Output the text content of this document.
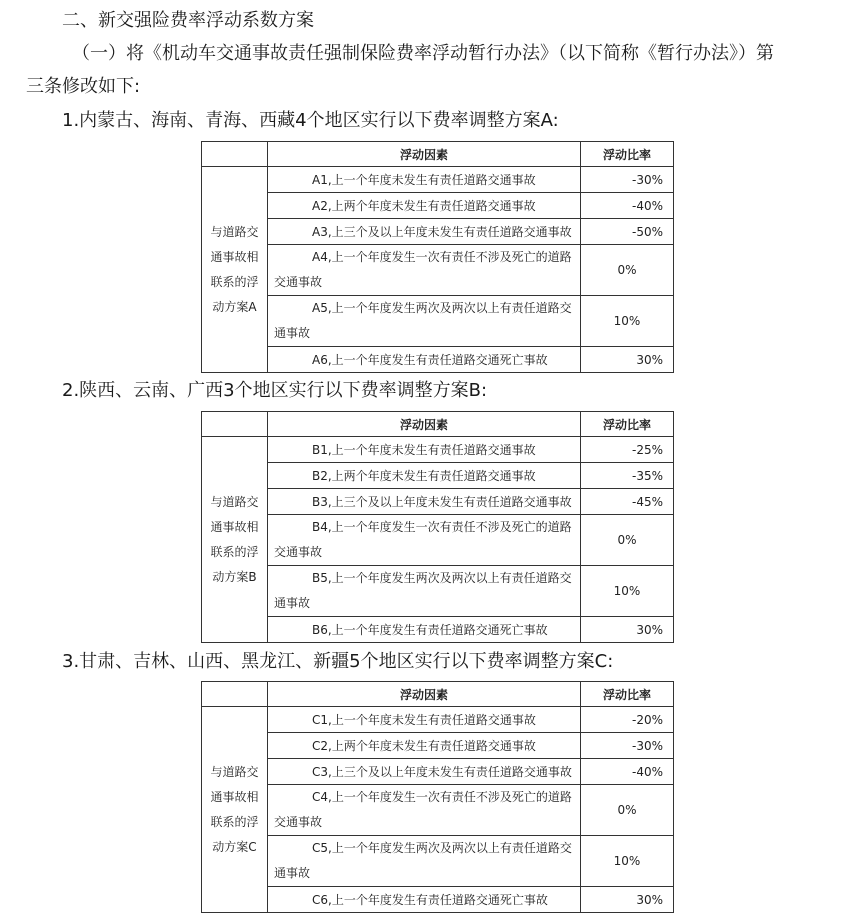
二、新交强险费率浮动系数方案
（一）将《机动车交通事故责任强制保险费率浮动暂行办法》（以下简称《暂行办法》）第
三条修改如下:
1.内蒙古、海南、青海、西藏4个地区实行以下费率调整方案A:
	浮动因素	浮动比率

与道路交
通事故相
联系的浮
动方案A	A1,上一个年度未发生有责任道路交通事故	-30%

	A2,上两个年度未发生有责任道路交通事故	-40%

	A3,上三个及以上年度未发生有责任道路交通事故	-50%

	A4,上一个年度发生一次有责任不涉及死亡的道路交通事故	0%

	A5,上一个年度发生两次及两次以上有责任道路交通事故	10%

	A6,上一个年度发生有责任道路交通死亡事故	30%
2.陕西、云南、广西3个地区实行以下费率调整方案B:
	浮动因素	浮动比率

与道路交
通事故相
联系的浮
动方案B	B1,上一个年度未发生有责任道路交通事故	-25%

	B2,上两个年度未发生有责任道路交通事故	-35%

	B3,上三个及以上年度未发生有责任道路交通事故	-45%

	B4,上一个年度发生一次有责任不涉及死亡的道路交通事故	0%

	B5,上一个年度发生两次及两次以上有责任道路交通事故	10%

	B6,上一个年度发生有责任道路交通死亡事故	30%
3.甘肃、吉林、山西、黑龙江、新疆5个地区实行以下费率调整方案C:
	浮动因素	浮动比率

与道路交
通事故相
联系的浮
动方案C	C1,上一个年度未发生有责任道路交通事故	-20%

	C2,上两个年度未发生有责任道路交通事故	-30%

	C3,上三个及以上年度未发生有责任道路交通事故	-40%

	C4,上一个年度发生一次有责任不涉及死亡的道路交通事故	0%

	C5,上一个年度发生两次及两次以上有责任道路交通事故	10%

	C6,上一个年度发生有责任道路交通死亡事故	30%
